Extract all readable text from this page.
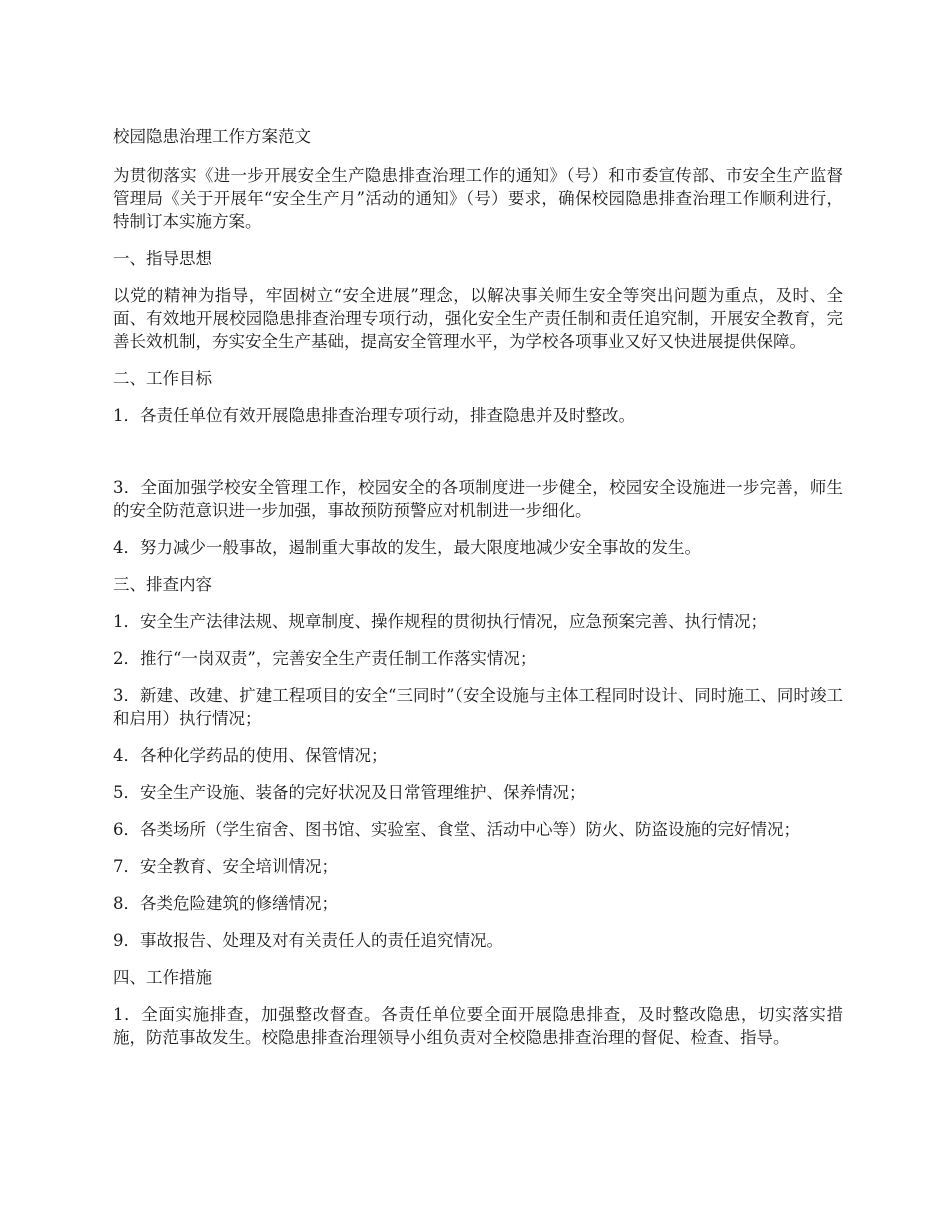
校园隐患治理工作方案范文

为贯彻落实《进一步开展安全生产隐患排查治理工作的通知》（号）和市委宣传部、市安全生产监督管理局《关于开展年“安全生产月”活动的通知》（号）要求，确保校园隐患排查治理工作顺利进行，特制订本实施方案。

一、指导思想

以党的精神为指导，牢固树立“安全进展”理念，以解决事关师生安全等突出问题为重点，及时、全面、有效地开展校园隐患排查治理专项行动，强化安全生产责任制和责任追究制，开展安全教育，完善长效机制，夯实安全生产基础，提高安全管理水平，为学校各项事业又好又快进展提供保障。

二、工作目标

1．各责任单位有效开展隐患排查治理专项行动，排查隐患并及时整改。

3．全面加强学校安全管理工作，校园安全的各项制度进一步健全，校园安全设施进一步完善，师生的安全防范意识进一步加强，事故预防预警应对机制进一步细化。

4．努力减少一般事故，遏制重大事故的发生，最大限度地减少安全事故的发生。

三、排查内容

1．安全生产法律法规、规章制度、操作规程的贯彻执行情况，应急预案完善、执行情况；

2．推行“一岗双责”，完善安全生产责任制工作落实情况；

3．新建、改建、扩建工程项目的安全“三同时”（安全设施与主体工程同时设计、同时施工、同时竣工和启用）执行情况；

4．各种化学药品的使用、保管情况；

5．安全生产设施、装备的完好状况及日常管理维护、保养情况；

6．各类场所（学生宿舍、图书馆、实验室、食堂、活动中心等）防火、防盗设施的完好情况；

7．安全教育、安全培训情况；

8．各类危险建筑的修缮情况；

9．事故报告、处理及对有关责任人的责任追究情况。

四、工作措施

1．全面实施排查，加强整改督查。各责任单位要全面开展隐患排查，及时整改隐患，切实落实措施，防范事故发生。校隐患排查治理领导小组负责对全校隐患排查治理的督促、检查、指导。
